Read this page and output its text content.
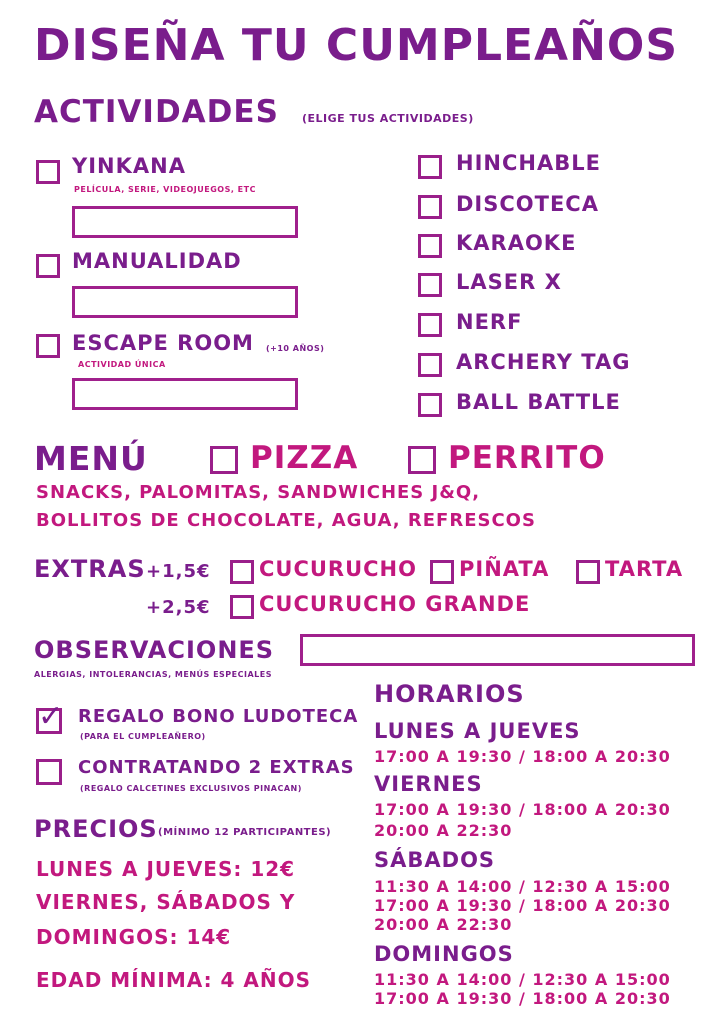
DISEÑA TU CUMPLEAÑOS
ACTIVIDADES (ELIGE TUS ACTIVIDADES)
YINKANA
PELÍCULA, SERIE, VIDEOJUEGOS, ETC
MANUALIDAD
ESCAPE ROOM (+10 AÑOS)
ACTIVIDAD ÚNICA
HINCHABLE
DISCOTECA
KARAOKE
LASER X
NERF
ARCHERY TAG
BALL BATTLE
MENÚ	PIZZA	PERRITO
SNACKS, PALOMITAS, SANDWICHES J&Q,
BOLLITOS DE CHOCOLATE, AGUA, REFRESCOS
EXTRAS +1,5€ CUCURUCHO PIÑATA	TARTA
+2,5€ CUCURUCHO GRANDE
OBSERVACIONES
ALERGIAS, INTOLERANCIAS, MENÚS ESPECIALES
✓ REGALO BONO LUDOTECA
(PARA EL CUMPLEAÑERO)
CONTRATANDO 2 EXTRAS
(REGALO CALCETINES EXCLUSIVOS PINACAN)
PRECIOS (MÍNIMO 12 PARTICIPANTES)
LUNES A JUEVES: 12€
VIERNES, SÁBADOS Y
DOMINGOS: 14€
EDAD MÍNIMA: 4 AÑOS
HORARIOS
LUNES A JUEVES
17:00 A 19:30 / 18:00 A 20:30
VIERNES
17:00 A 19:30 / 18:00 A 20:30
20:00 A 22:30
SÁBADOS
11:30 A 14:00 / 12:30 A 15:00
17:00 A 19:30 / 18:00 A 20:30
20:00 A 22:30
DOMINGOS
11:30 A 14:00 / 12:30 A 15:00
17:00 A 19:30 / 18:00 A 20:30
